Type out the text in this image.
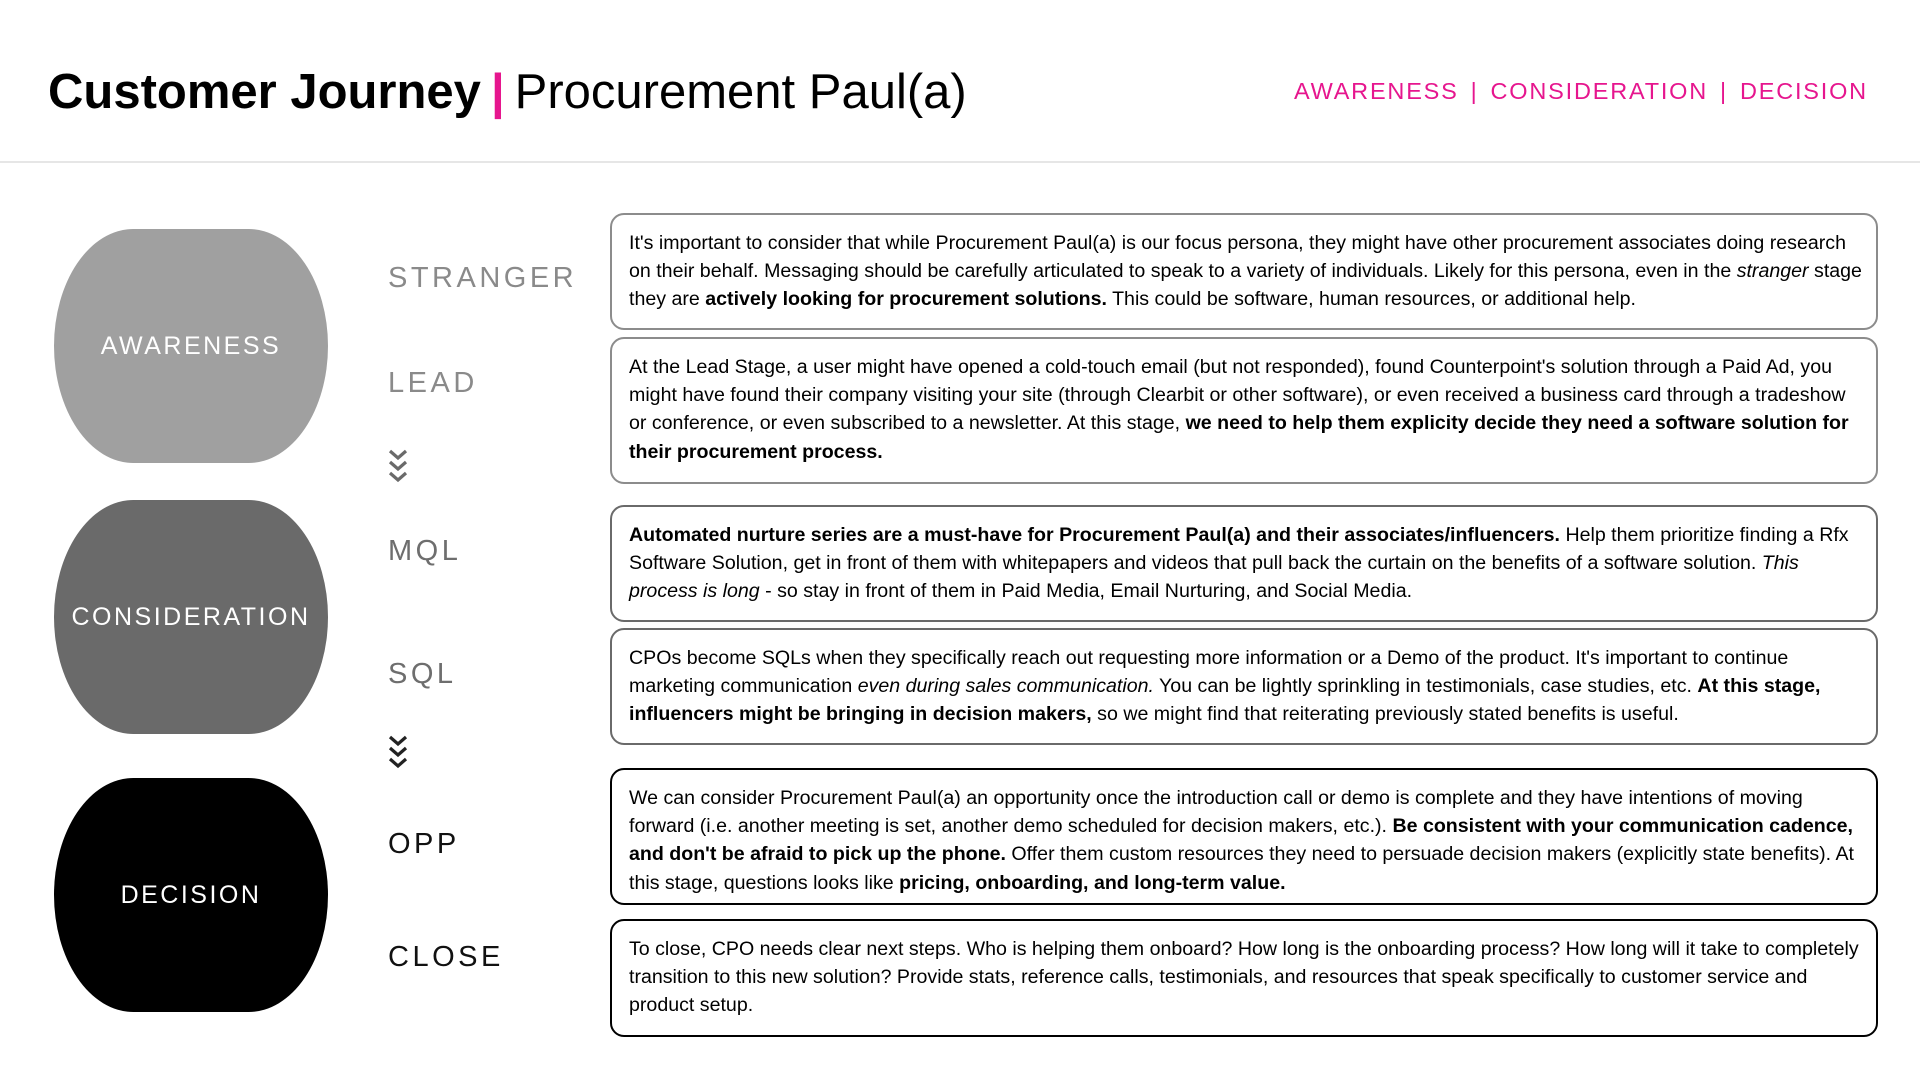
Customer Journey | Procurement Paul(a)	AWARENESS | CONSIDERATION | DECISION
AWARENESS
CONSIDERATION
DECISION
STRANGER
LEAD
MQL
SQL
OPP
CLOSE

It's important to consider that while Procurement Paul(a) is our focus persona, they might have other procurement associates doing research on their behalf. Messaging should be carefully articulated to speak to a variety of individuals. Likely for this persona, even in the stranger stage they are actively looking for procurement solutions. This could be software, human resources, or additional help.

At the Lead Stage, a user might have opened a cold-touch email (but not responded), found Counterpoint's solution through a Paid Ad, you might have found their company visiting your site (through Clearbit or other software), or even received a business card through a tradeshow or conference, or even subscribed to a newsletter. At this stage, we need to help them explicity decide they need a software solution for their procurement process.

Automated nurture series are a must-have for Procurement Paul(a) and their associates/influencers. Help them prioritize finding a Rfx Software Solution, get in front of them with whitepapers and videos that pull back the curtain on the benefits of a software solution. This process is long - so stay in front of them in Paid Media, Email Nurturing, and Social Media.

CPOs become SQLs when they specifically reach out requesting more information or a Demo of the product. It's important to continue marketing communication even during sales communication. You can be lightly sprinkling in testimonials, case studies, etc. At this stage, influencers might be bringing in decision makers, so we might find that reiterating previously stated benefits is useful.

We can consider Procurement Paul(a) an opportunity once the introduction call or demo is complete and they have intentions of moving forward (i.e. another meeting is set, another demo scheduled for decision makers, etc.). Be consistent with your communication cadence, and don't be afraid to pick up the phone. Offer them custom resources they need to persuade decision makers (explicitly state benefits). At this stage, questions looks like pricing, onboarding, and long-term value.

To close, CPO needs clear next steps. Who is helping them onboard? How long is the onboarding process? How long will it take to completely transition to this new solution? Provide stats, reference calls, testimonials, and resources that speak specifically to customer service and product setup.
